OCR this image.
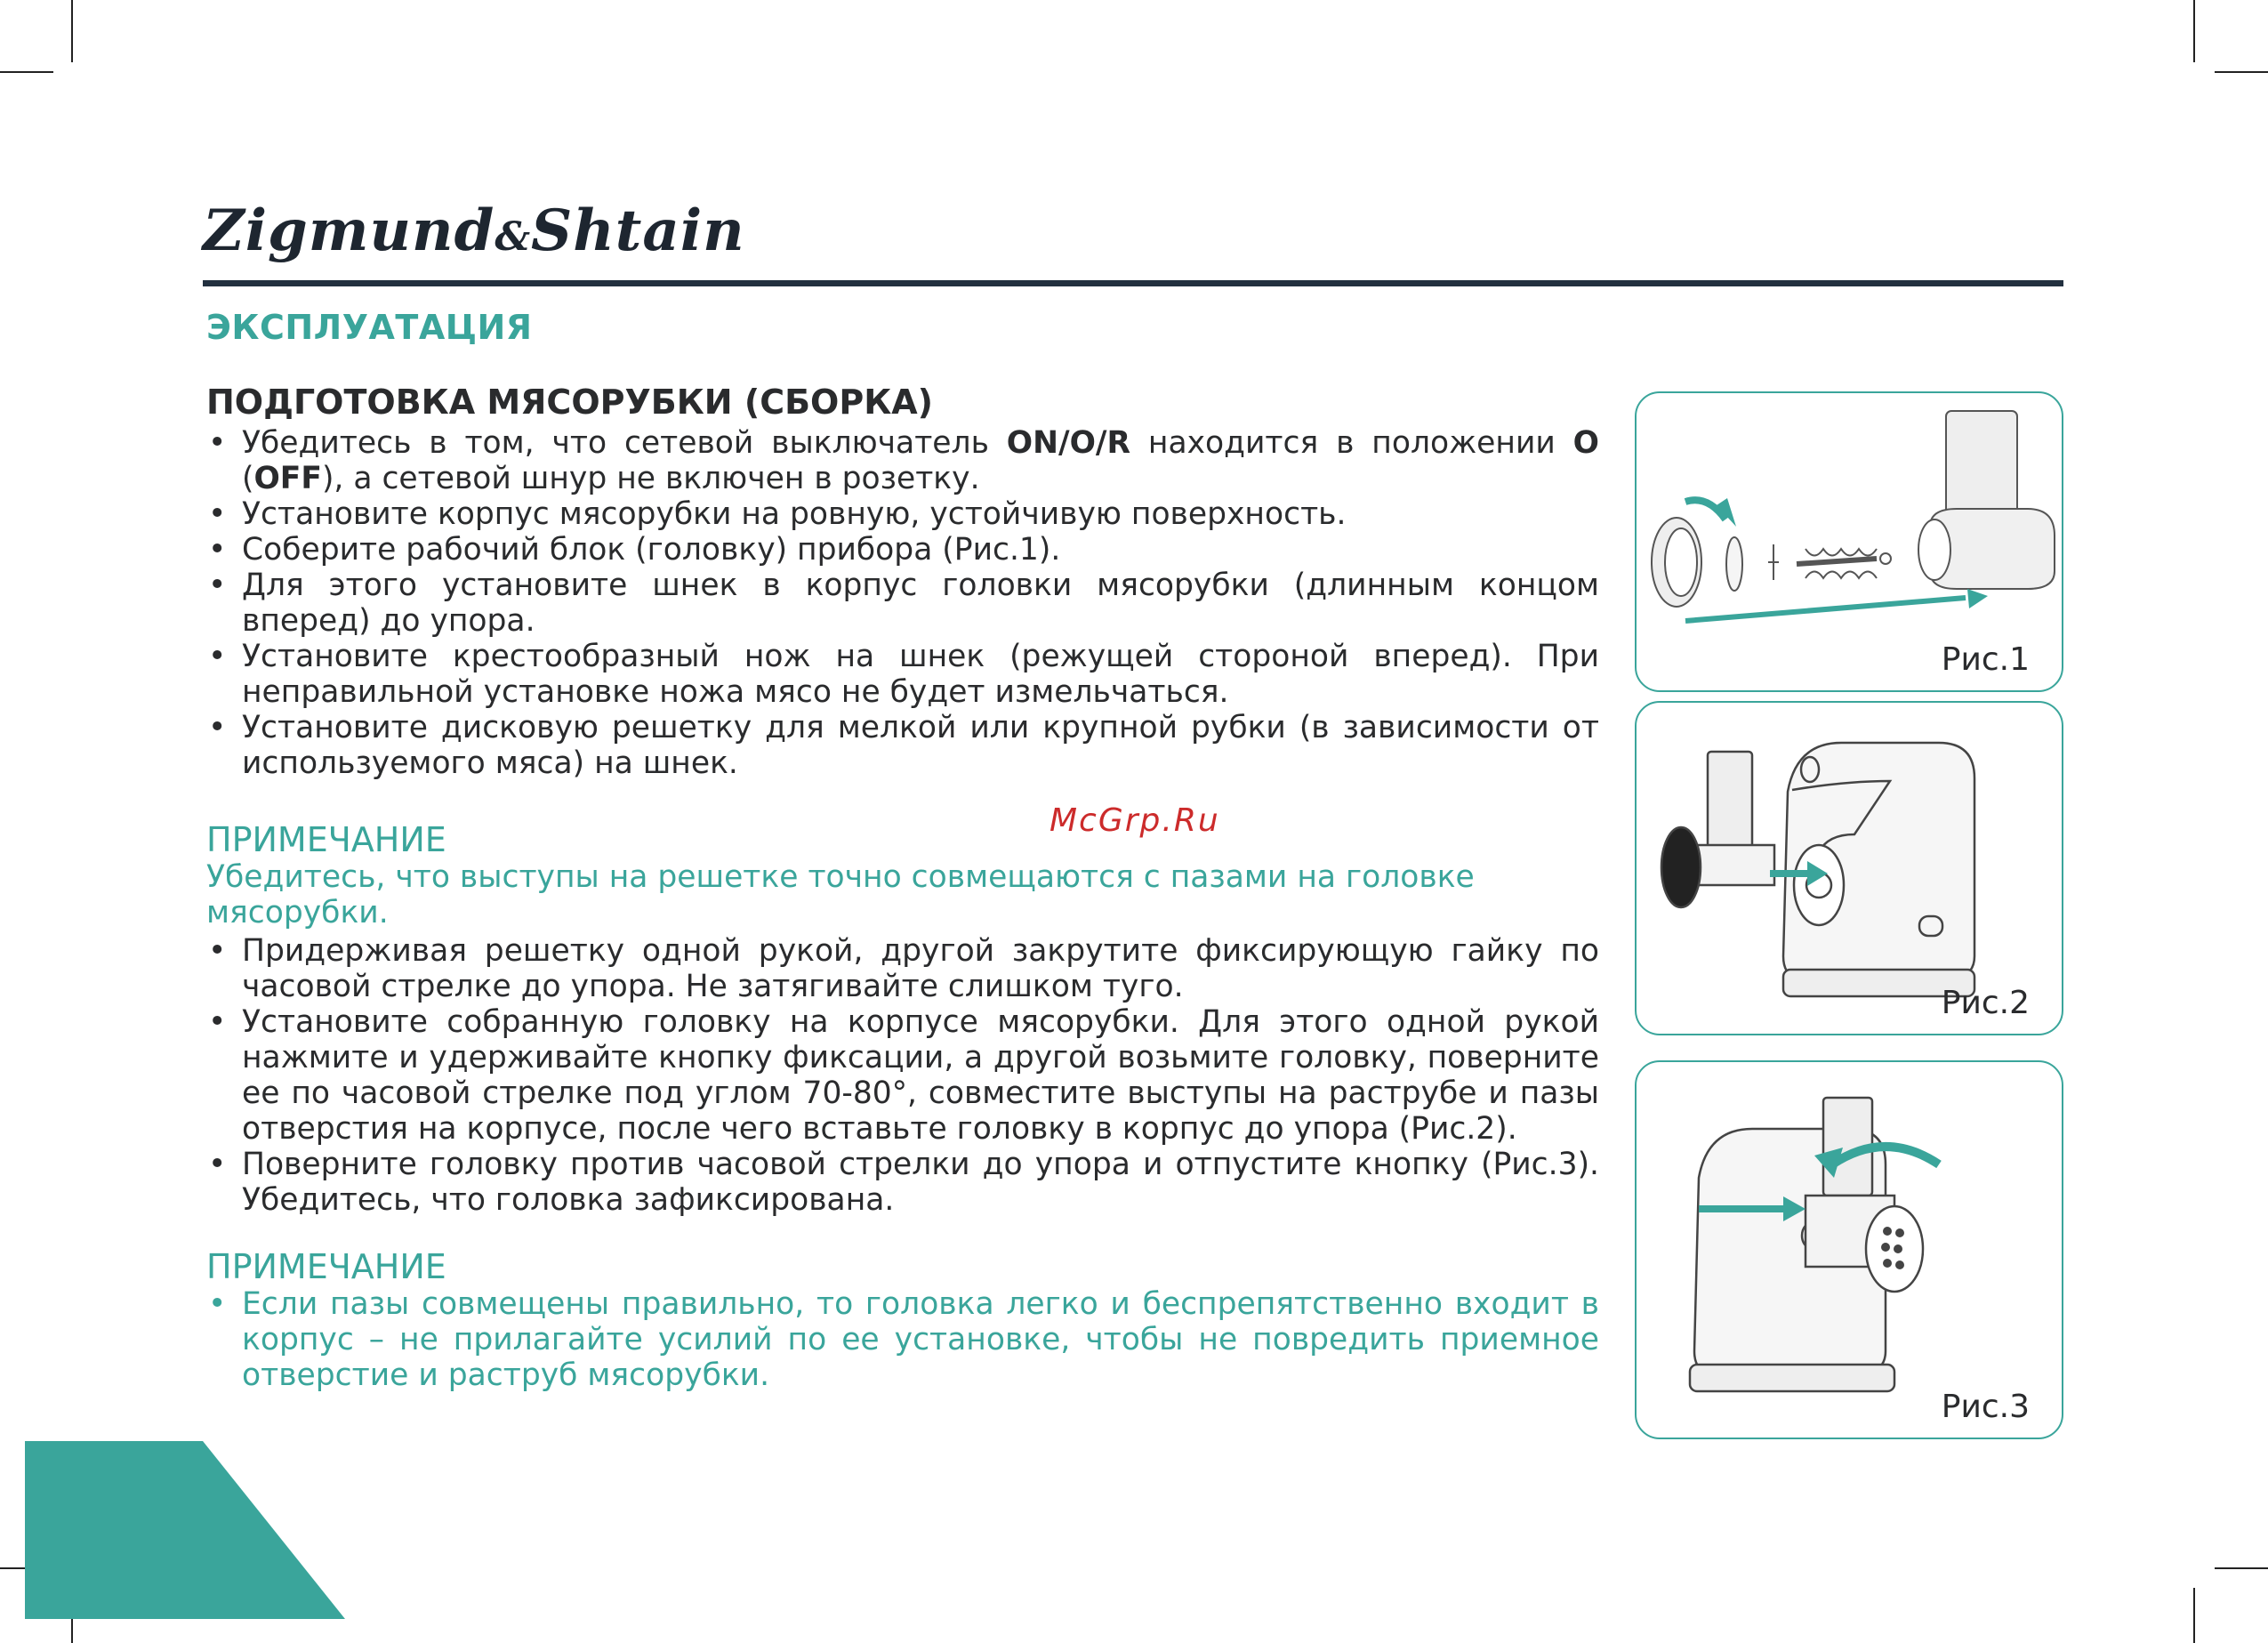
Zigmund&Shtain
ЭКСПЛУАТАЦИЯ

ПОДГОТОВКА МЯСОРУБКИ (СБОРКА)

• Убедитесь в том, что сетевой выключатель ON/O/R находится в положении O (OFF), а сетевой шнур не включен в розетку.
• Установите корпус мясорубки на ровную, устойчивую поверхность.
• Соберите рабочий блок (головку) прибора (Рис.1).
• Для этого установите шнек в корпус головки мясорубки (длинным концом вперед) до упора.
• Установите крестообразный нож на шнек (режущей стороной вперед). При неправильной установке ножа мясо не будет измельчаться.
• Установите дисковую решетку для мелкой или крупной рубки (в зависимости от используемого мяса) на шнек.

ПРИМЕЧАНИЕ

Убедитесь, что выступы на решетке точно совмещаются с пазами на головке мясорубки.

McGrp.Ru
• Придерживая решетку одной рукой, другой закрутите фиксирующую гайку по часовой стрелке до упора. Не затягивайте слишком туго.
• Установите собранную головку на корпусе мясорубки. Для этого одной рукой нажмите и удерживайте кнопку фиксации, а другой возьмите головку, поверните ее по часовой стрелке под углом 70-80°, совместите выступы на раструбе и пазы отверстия на корпусе, после чего вставьте головку в корпус до упора (Рис.2).
• Поверните головку против часовой стрелки до упора и отпустите кнопку (Рис.3). Убедитесь, что головка зафиксирована.

ПРИМЕЧАНИЕ

• Если пазы совмещены правильно, то головка легко и беспрепятственно входит в корпус – не прилагайте усилий по ее установке, чтобы не повредить приемное отверстие и раструб мясорубки.
Рис.1
Рис.2
Рис.3
